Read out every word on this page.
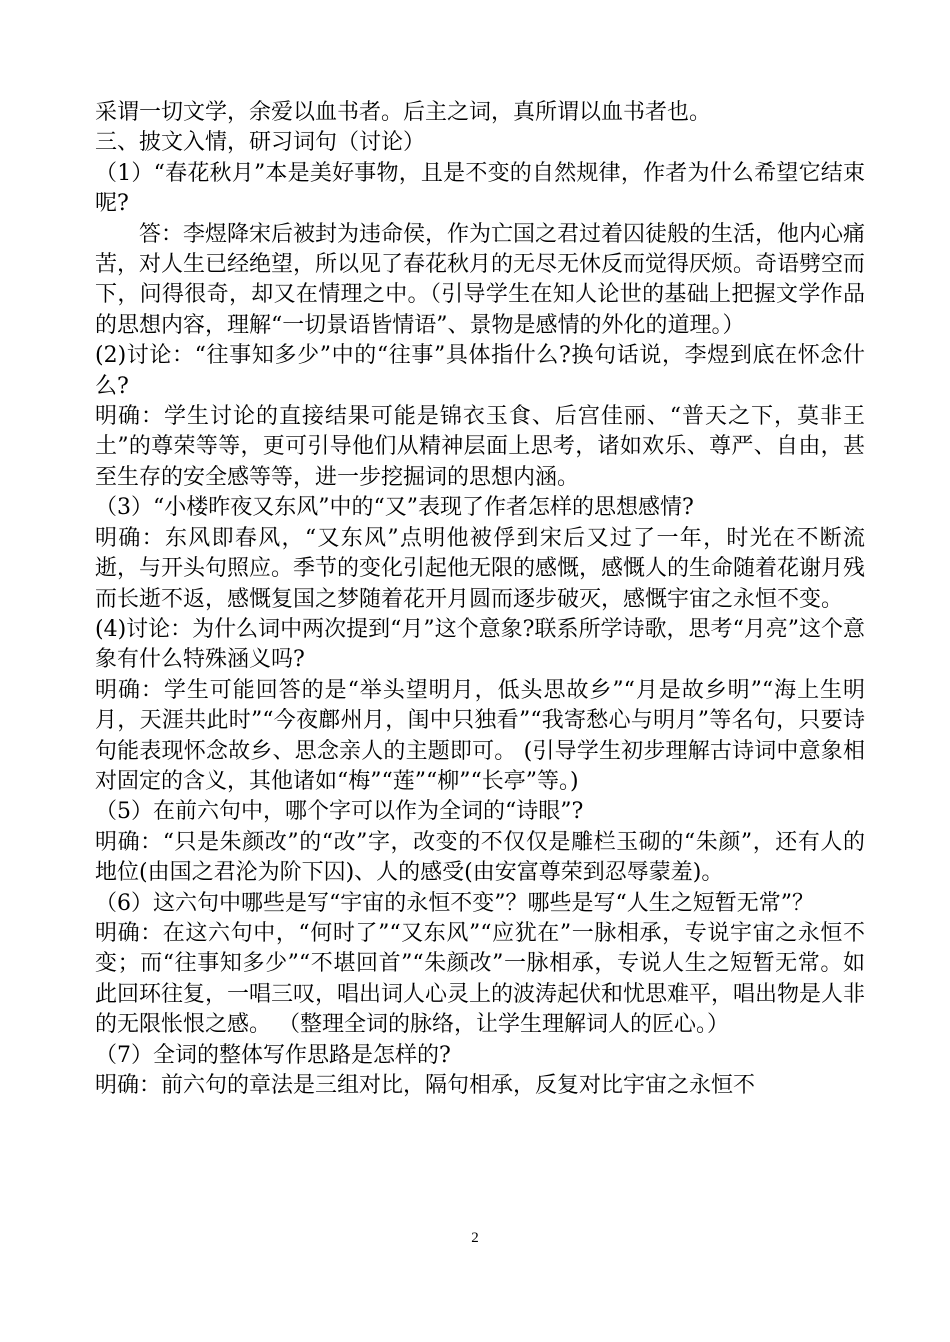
采谓一切文学，余爱以血书者。后主之词，真所谓以血书者也。

三、披文入情，研习词句（讨论）

（1）“春花秋月”本是美好事物，且是不变的自然规律，作者为什么希望它结束呢?

答：李煜降宋后被封为违命侯，作为亡国之君过着囚徒般的生活，他内心痛苦，对人生已经绝望，所以见了春花秋月的无尽无休反而觉得厌烦。奇语劈空而下，问得很奇，却又在情理之中。（引导学生在知人论世的基础上把握文学作品的思想内容，理解“一切景语皆情语”、景物是感情的外化的道理。）

(2)讨论：“往事知多少”中的“往事”具体指什么?换句话说，李煜到底在怀念什么?

明确：学生讨论的直接结果可能是锦衣玉食、后宫佳丽、“普天之下，莫非王土”的尊荣等等，更可引导他们从精神层面上思考，诸如欢乐、尊严、自由，甚至生存的安全感等等，进一步挖掘词的思想内涵。

（3）“小楼昨夜又东风”中的“又”表现了作者怎样的思想感情?

明确：东风即春风，“又东风”点明他被俘到宋后又过了一年，时光在不断流逝，与开头句照应。季节的变化引起他无限的感慨，感慨人的生命随着花谢月残而长逝不返，感慨复国之梦随着花开月圆而逐步破灭，感慨宇宙之永恒不变。

(4)讨论：为什么词中两次提到“月”这个意象?联系所学诗歌，思考“月亮”这个意象有什么特殊涵义吗?

明确：学生可能回答的是“举头望明月，低头思故乡”“月是故乡明”“海上生明月，天涯共此时”“今夜鄜州月，闺中只独看”“我寄愁心与明月”等名句，只要诗句能表现怀念故乡、思念亲人的主题即可。 (引导学生初步理解古诗词中意象相对固定的含义，其他诸如“梅”“莲”“柳”“长亭”等。)

（5）在前六句中，哪个字可以作为全词的“诗眼”?

明确：“只是朱颜改”的“改”字，改变的不仅仅是雕栏玉砌的“朱颜”，还有人的地位(由国之君沦为阶下囚)、人的感受(由安富尊荣到忍辱蒙羞)。

（6）这六句中哪些是写“宇宙的永恒不变”？哪些是写“人生之短暂无常”？

明确：在这六句中，“何时了”“又东风”“应犹在”一脉相承，专说宇宙之永恒不变；而“往事知多少”“不堪回首”“朱颜改”一脉相承，专说人生之短暂无常。如此回环往复，一唱三叹，唱出词人心灵上的波涛起伏和忧思难平，唱出物是人非的无限怅恨之感。 （整理全词的脉络，让学生理解词人的匠心。）

（7）全词的整体写作思路是怎样的?

明确：前六句的章法是三组对比，隔句相承，反复对比宇宙之永恒不

2
